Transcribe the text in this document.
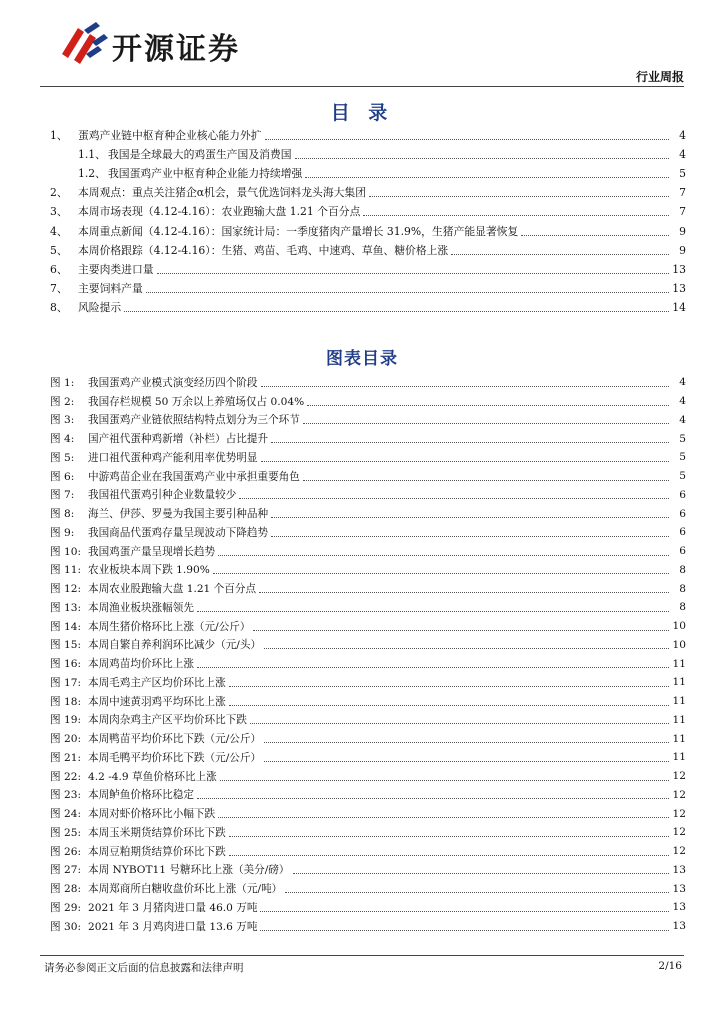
开源证券
行业周报
目 录
1、 蛋鸡产业链中枢育种企业核心能力外扩	4
1.1、 我国是全球最大的鸡蛋生产国及消费国	4
1.2、 我国蛋鸡产业中枢育种企业能力持续增强	5
2、 本周观点：重点关注猪企α机会，景气优选饲料龙头海大集团	7
3、 本周市场表现（4.12-4.16）：农业跑输大盘 1.21 个百分点	7
4、 本周重点新闻（4.12-4.16）：国家统计局：一季度猪肉产量增长 31.9%，生猪产能显著恢复	9
5、 本周价格跟踪（4.12-4.16）：生猪、鸡苗、毛鸡、中速鸡、草鱼、糖价格上涨	9
6、 主要肉类进口量	13
7、 主要饲料产量	13
8、 风险提示	14
图表目录
图 1:	我国蛋鸡产业模式演变经历四个阶段	4
图 2:	我国存栏规模 50 万余以上养殖场仅占 0.04%	4
图 3:	我国蛋鸡产业链依照结构特点划分为三个环节	4
图 4:	国产祖代蛋种鸡新增（补栏）占比提升	5
图 5:	进口祖代蛋种鸡产能利用率优势明显	5
图 6:	中游鸡苗企业在我国蛋鸡产业中承担重要角色	5
图 7:	我国祖代蛋鸡引种企业数量较少	6
图 8:	海兰、伊莎、罗曼为我国主要引种品种	6
图 9:	我国商品代蛋鸡存量呈现波动下降趋势	6
图 10: 我国鸡蛋产量呈现增长趋势	6
图 11: 农业板块本周下跌 1.90%	8
图 12: 本周农业股跑输大盘 1.21 个百分点	8
图 13: 本周渔业板块涨幅领先	8
图 14: 本周生猪价格环比上涨（元/公斤）	10
图 15: 本周自繁自养利润环比减少（元/头）	10
图 16: 本周鸡苗均价环比上涨	11
图 17: 本周毛鸡主产区均价环比上涨	11
图 18: 本周中速黄羽鸡平均环比上涨	11
图 19: 本周肉杂鸡主产区平均价环比下跌	11
图 20: 本周鸭苗平均价环比下跌（元/公斤）	11
图 21: 本周毛鸭平均价环比下跌（元/公斤）	11
图 22: 4.2 -4.9 草鱼价格环比上涨	12
图 23: 本周鲈鱼价格环比稳定	12
图 24: 本周对虾价格环比小幅下跌	12
图 25: 本周玉米期货结算价环比下跌	12
图 26: 本周豆粕期货结算价环比下跌	12
图 27: 本周 NYBOT11 号糖环比上涨（美分/磅）	13
图 28: 本周郑商所白糖收盘价环比上涨（元/吨）	13
图 29: 2021 年 3 月猪肉进口量 46.0 万吨	13
图 30: 2021 年 3 月鸡肉进口量 13.6 万吨	13
请务必参阅正文后面的信息披露和法律声明	2/16
